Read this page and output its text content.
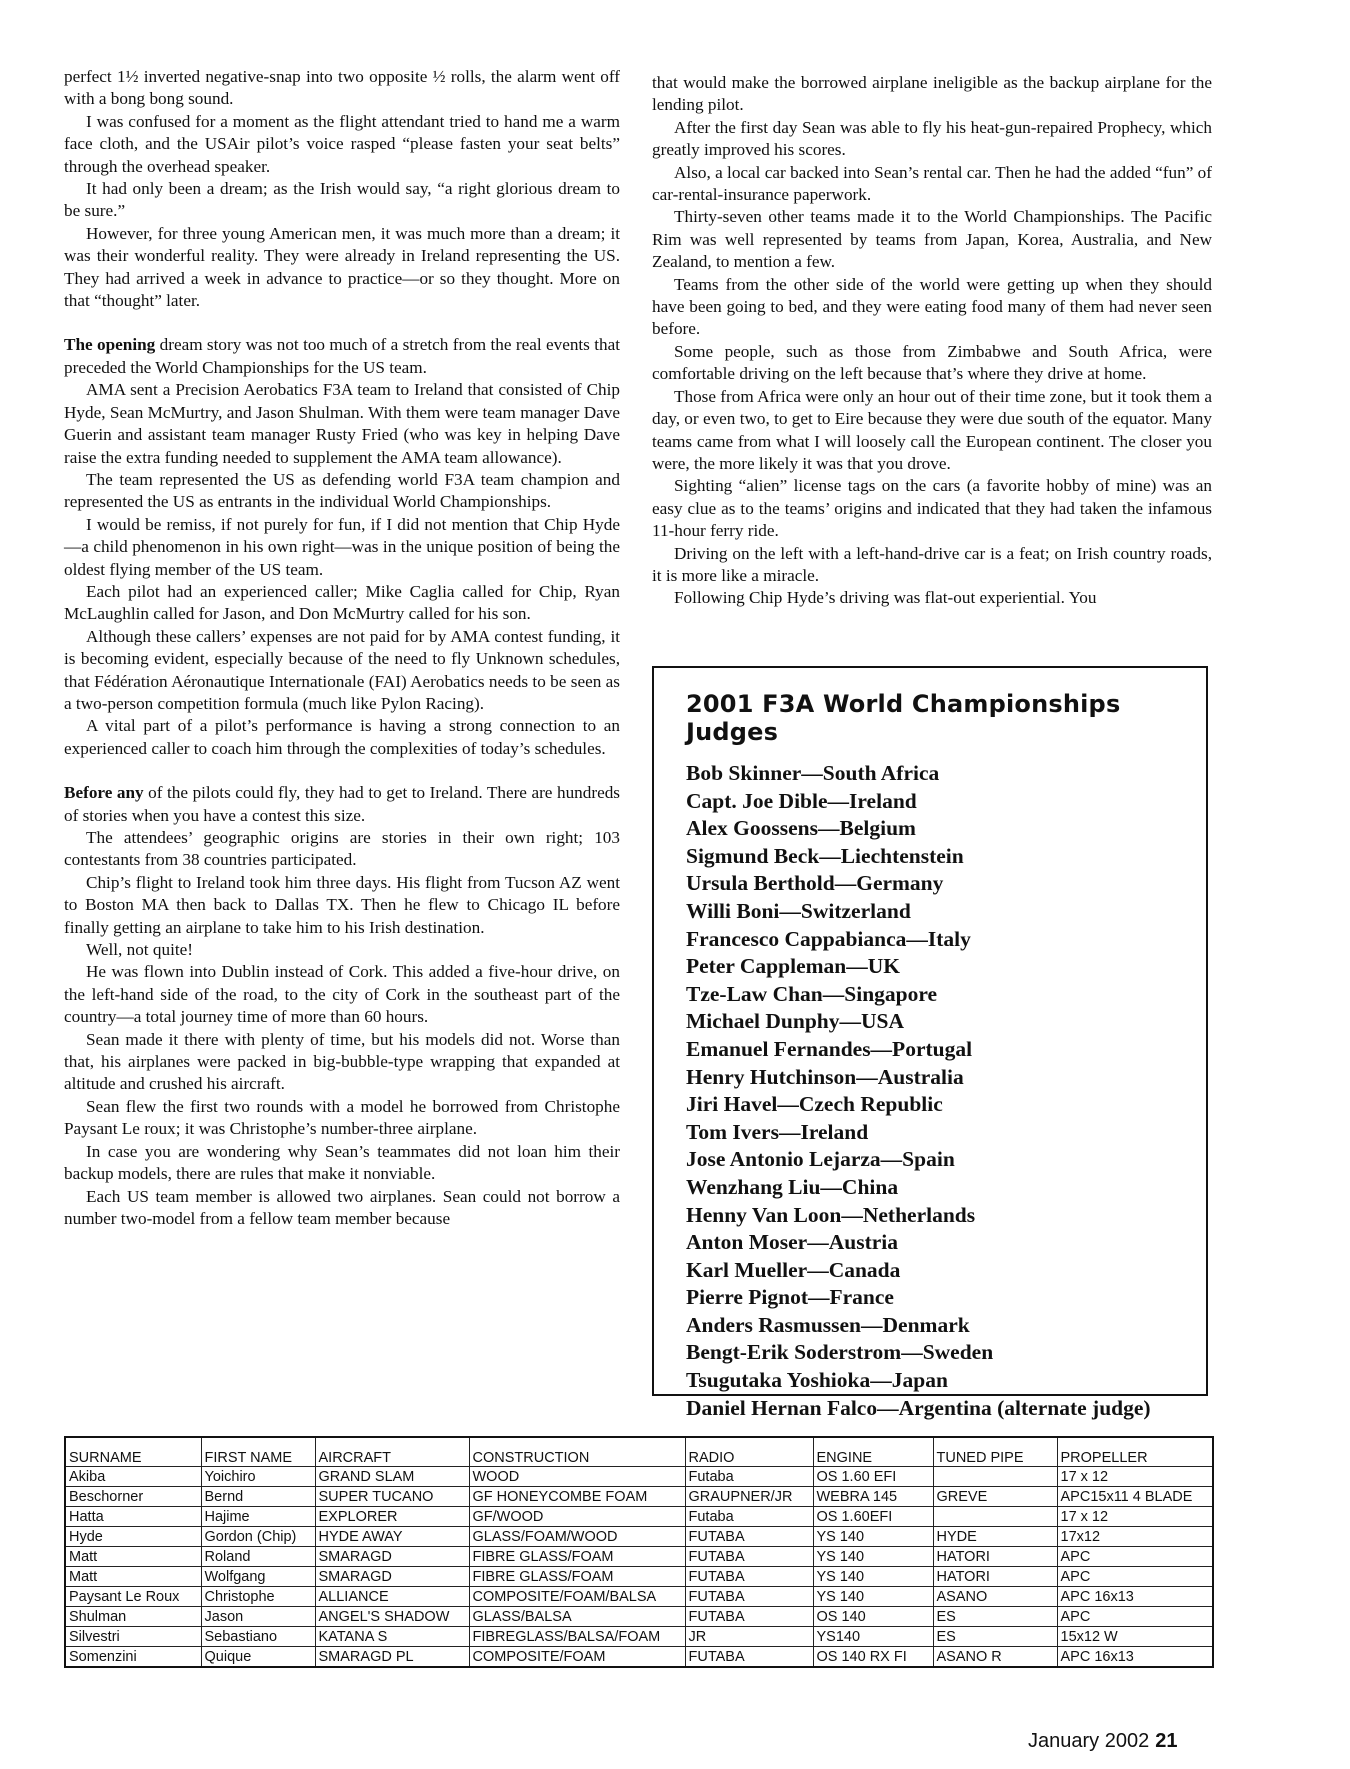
perfect 1½ inverted negative-snap into two opposite ½ rolls, the alarm went off with a bong bong sound.

I was confused for a moment as the flight attendant tried to hand me a warm face cloth, and the USAir pilot’s voice rasped “please fasten your seat belts” through the overhead speaker.

It had only been a dream; as the Irish would say, “a right glorious dream to be sure.”

However, for three young American men, it was much more than a dream; it was their wonderful reality. They were already in Ireland representing the US. They had arrived a week in advance to practice—or so they thought. More on that “thought” later.

The opening dream story was not too much of a stretch from the real events that preceded the World Championships for the US team.

AMA sent a Precision Aerobatics F3A team to Ireland that consisted of Chip Hyde, Sean McMurtry, and Jason Shulman. With them were team manager Dave Guerin and assistant team manager Rusty Fried (who was key in helping Dave raise the extra funding needed to supplement the AMA team allowance).

The team represented the US as defending world F3A team champion and represented the US as entrants in the individual World Championships.

I would be remiss, if not purely for fun, if I did not mention that Chip Hyde—a child phenomenon in his own right—was in the unique position of being the oldest flying member of the US team.

Each pilot had an experienced caller; Mike Caglia called for Chip, Ryan McLaughlin called for Jason, and Don McMurtry called for his son.

Although these callers’ expenses are not paid for by AMA contest funding, it is becoming evident, especially because of the need to fly Unknown schedules, that Fédération Aéronautique Internationale (FAI) Aerobatics needs to be seen as a two-person competition formula (much like Pylon Racing).

A vital part of a pilot’s performance is having a strong connection to an experienced caller to coach him through the complexities of today’s schedules.

Before any of the pilots could fly, they had to get to Ireland. There are hundreds of stories when you have a contest this size.

The attendees’ geographic origins are stories in their own right; 103 contestants from 38 countries participated.

Chip’s flight to Ireland took him three days. His flight from Tucson AZ went to Boston MA then back to Dallas TX. Then he flew to Chicago IL before finally getting an airplane to take him to his Irish destination.

Well, not quite!

He was flown into Dublin instead of Cork. This added a five-hour drive, on the left-hand side of the road, to the city of Cork in the southeast part of the country—a total journey time of more than 60 hours.

Sean made it there with plenty of time, but his models did not. Worse than that, his airplanes were packed in big-bubble-type wrapping that expanded at altitude and crushed his aircraft.

Sean flew the first two rounds with a model he borrowed from Christophe Paysant Le roux; it was Christophe’s number-three airplane.

In case you are wondering why Sean’s teammates did not loan him their backup models, there are rules that make it nonviable.

Each US team member is allowed two airplanes. Sean could not borrow a number two-model from a fellow team member because

that would make the borrowed airplane ineligible as the backup airplane for the lending pilot.

After the first day Sean was able to fly his heat-gun-repaired Prophecy, which greatly improved his scores.

Also, a local car backed into Sean’s rental car. Then he had the added “fun” of car-rental-insurance paperwork.

Thirty-seven other teams made it to the World Championships. The Pacific Rim was well represented by teams from Japan, Korea, Australia, and New Zealand, to mention a few.

Teams from the other side of the world were getting up when they should have been going to bed, and they were eating food many of them had never seen before.

Some people, such as those from Zimbabwe and South Africa, were comfortable driving on the left because that’s where they drive at home.

Those from Africa were only an hour out of their time zone, but it took them a day, or even two, to get to Eire because they were due south of the equator. Many teams came from what I will loosely call the European continent. The closer you were, the more likely it was that you drove.

Sighting “alien” license tags on the cars (a favorite hobby of mine) was an easy clue as to the teams’ origins and indicated that they had taken the infamous 11-hour ferry ride.

Driving on the left with a left-hand-drive car is a feat; on Irish country roads, it is more like a miracle.

Following Chip Hyde’s driving was flat-out experiential. You

2001 F3A World Championships Judges
Bob Skinner—South Africa
Capt. Joe Dible—Ireland
Alex Goossens—Belgium
Sigmund Beck—Liechtenstein
Ursula Berthold—Germany
Willi Boni—Switzerland
Francesco Cappabianca—Italy
Peter Cappleman—UK
Tze-Law Chan—Singapore
Michael Dunphy—USA
Emanuel Fernandes—Portugal
Henry Hutchinson—Australia
Jiri Havel—Czech Republic
Tom Ivers—Ireland
Jose Antonio Lejarza—Spain
Wenzhang Liu—China
Henny Van Loon—Netherlands
Anton Moser—Austria
Karl Mueller—Canada
Pierre Pignot—France
Anders Rasmussen—Denmark
Bengt-Erik Soderstrom—Sweden
Tsugutaka Yoshioka—Japan
Daniel Hernan Falco—Argentina (alternate judge)
SURNAME	FIRST NAME	AIRCRAFT	CONSTRUCTION	RADIO	ENGINE	TUNED PIPE	PROPELLER
Akiba	Yoichiro	GRAND SLAM	WOOD	Futaba	OS 1.60 EFI		17 x 12
Beschorner	Bernd	SUPER TUCANO	GF HONEYCOMBE FOAM	GRAUPNER/JR	WEBRA 145	GREVE	APC15x11 4 BLADE
Hatta	Hajime	EXPLORER	GF/WOOD	Futaba	OS 1.60EFI		17 x 12
Hyde	Gordon (Chip)	HYDE AWAY	GLASS/FOAM/WOOD	FUTABA	YS 140	HYDE	17x12
Matt	Roland	SMARAGD	FIBRE GLASS/FOAM	FUTABA	YS 140	HATORI	APC
Matt	Wolfgang	SMARAGD	FIBRE GLASS/FOAM	FUTABA	YS 140	HATORI	APC
Paysant Le Roux	Christophe	ALLIANCE	COMPOSITE/FOAM/BALSA	FUTABA	YS 140	ASANO	APC 16x13
Shulman	Jason	ANGEL'S SHADOW	GLASS/BALSA	FUTABA	OS 140	ES	APC
Silvestri	Sebastiano	KATANA S	FIBREGLASS/BALSA/FOAM	JR	YS140	ES	15x12 W
Somenzini	Quique	SMARAGD PL	COMPOSITE/FOAM	FUTABA	OS 140 RX FI	ASANO R	APC 16x13
January 2002 21
